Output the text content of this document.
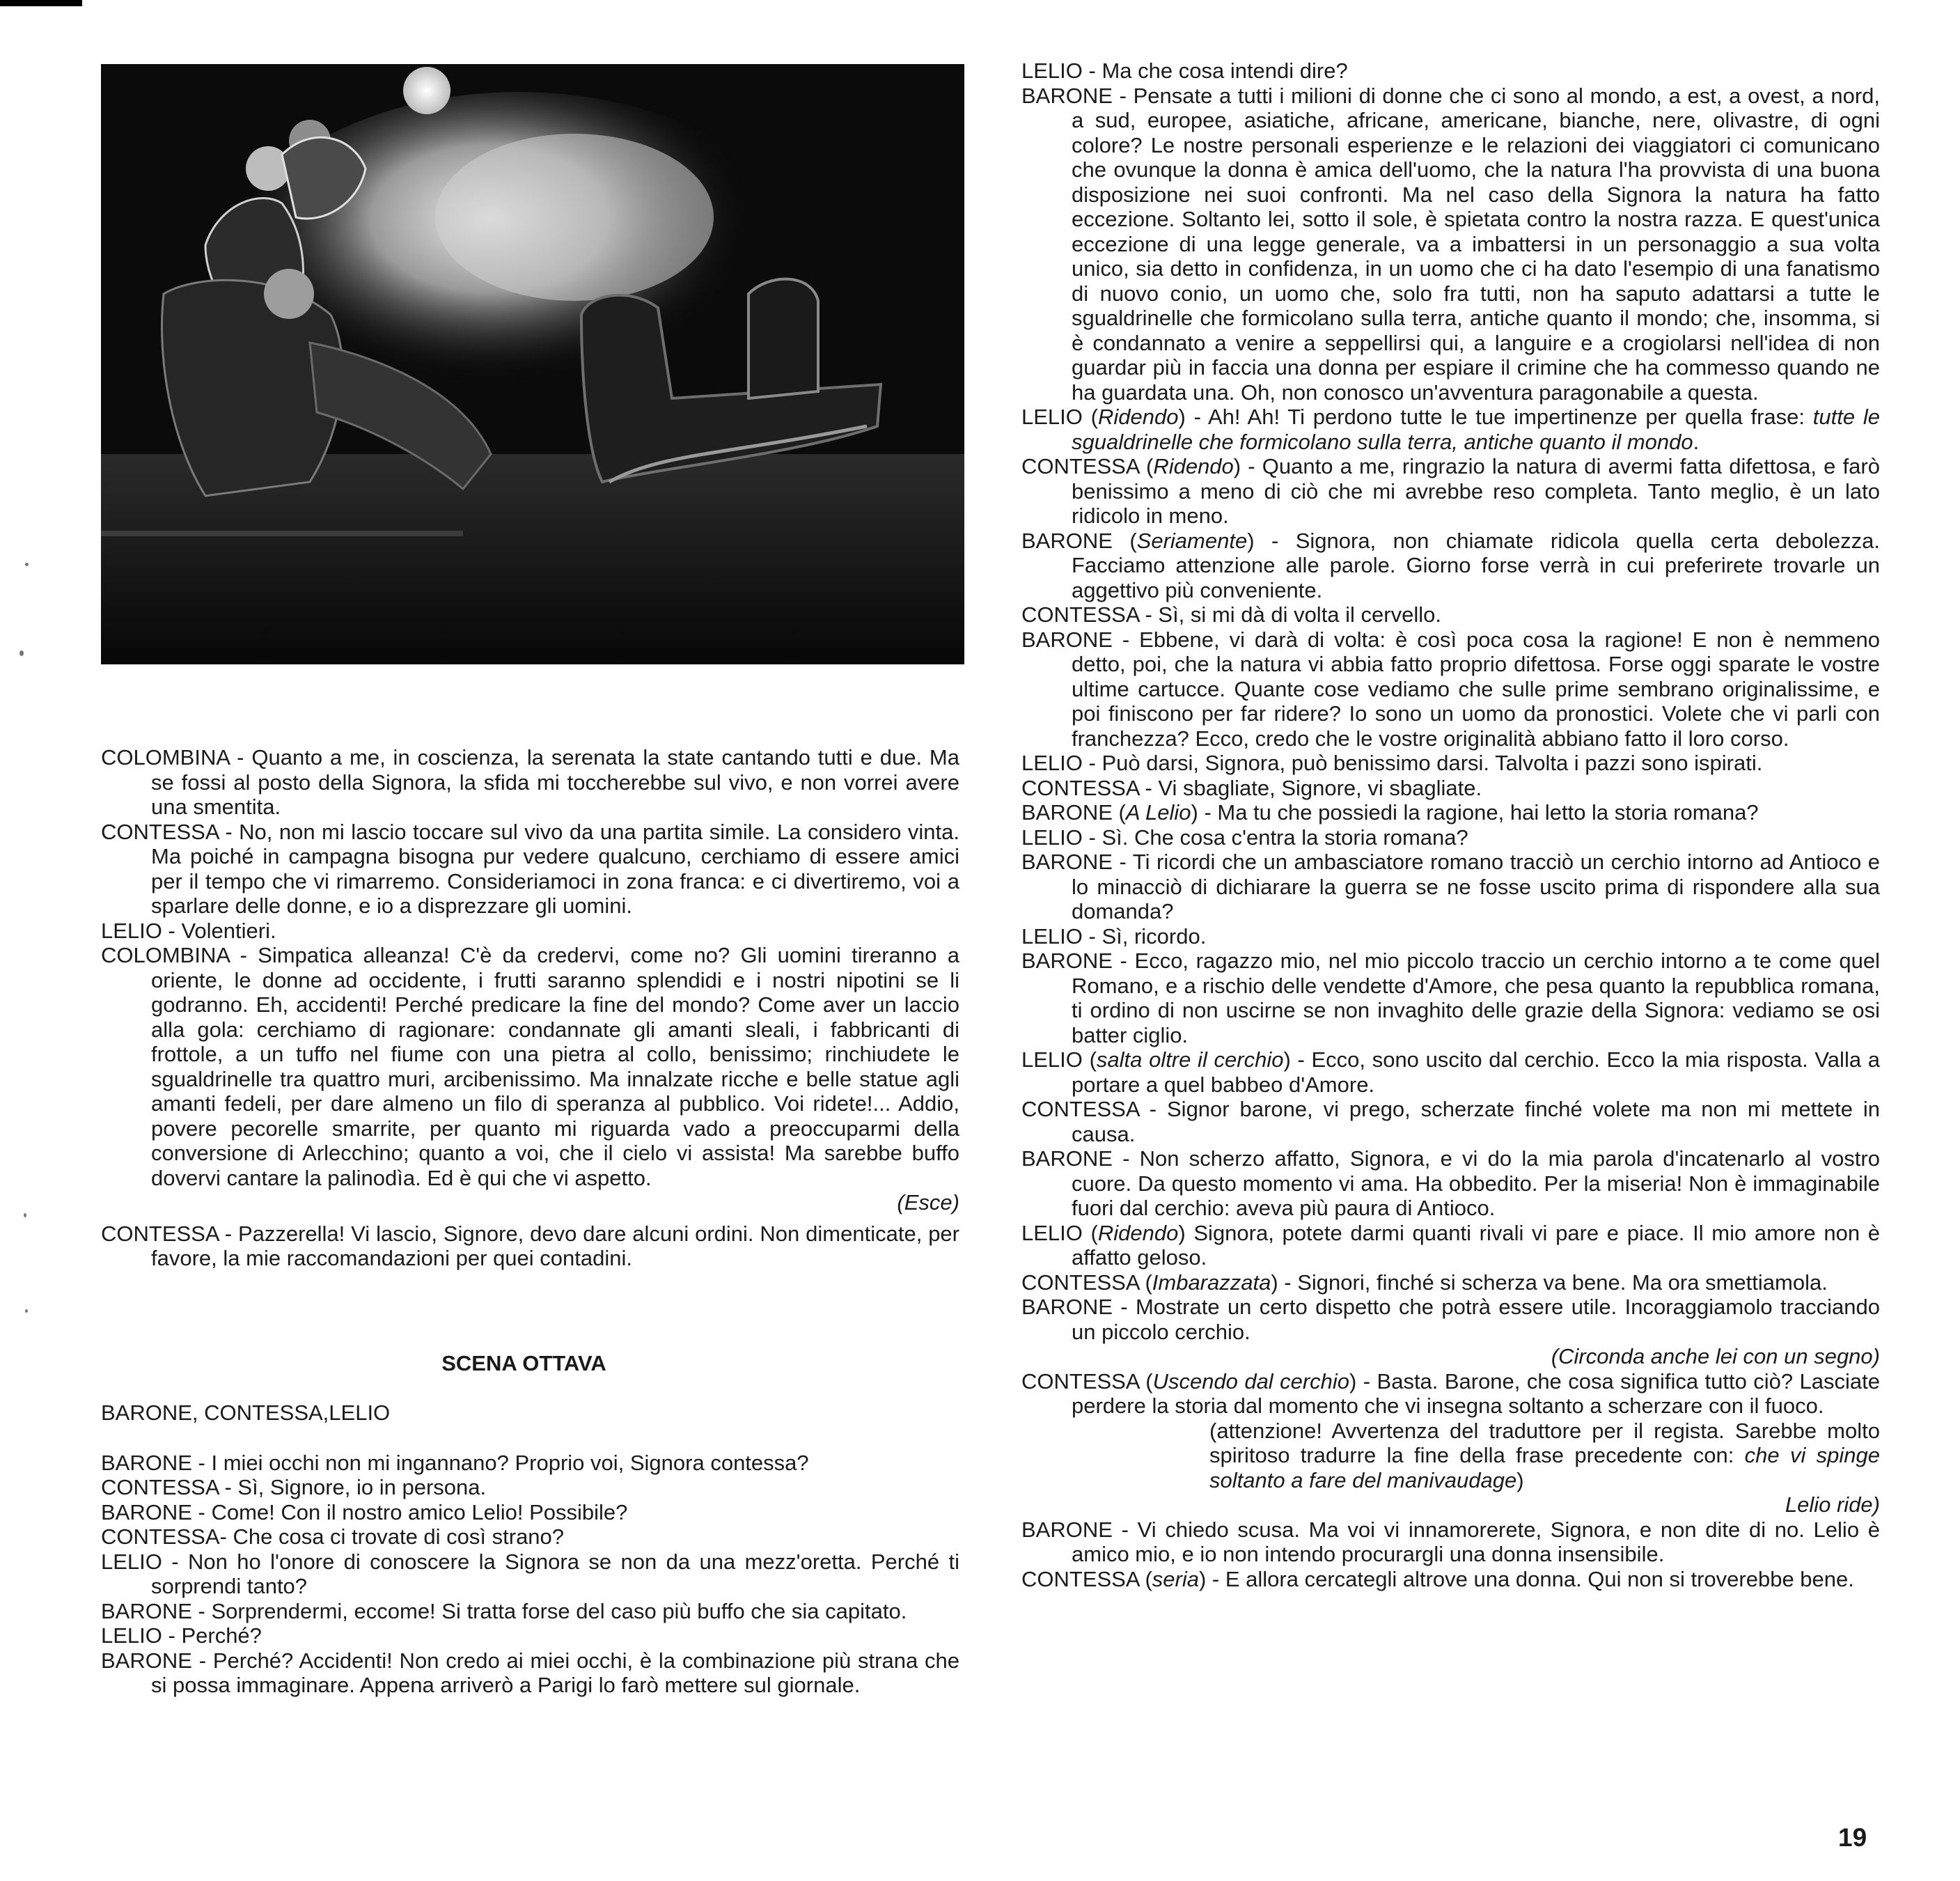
COLOMBINA - Quanto a me, in coscienza, la serenata la state cantando tutti e due. Ma se fossi al posto della Signora, la sfida mi toccherebbe sul vivo, e non vorrei avere una smentita.

CONTESSA - No, non mi lascio toccare sul vivo da una partita simile. La considero vinta. Ma poiché in campagna bisogna pur vedere qualcuno, cerchiamo di essere amici per il tempo che vi rimarremo. Consideriamoci in zona franca: e ci divertiremo, voi a sparlare delle donne, e io a disprezzare gli uomini.

LELIO - Volentieri.

COLOMBINA - Simpatica alleanza! C'è da credervi, come no? Gli uomini tireranno a oriente, le donne ad occidente, i frutti saranno splendidi e i nostri nipotini se li godranno. Eh, accidenti! Perché predicare la fine del mondo? Come aver un laccio alla gola: cerchiamo di ragionare: condannate gli amanti sleali, i fabbricanti di frottole, a un tuffo nel fiume con una pietra al collo, benissimo; rinchiudete le sgualdrinelle tra quattro muri, arcibenissimo. Ma innalzate ricche e belle statue agli amanti fedeli, per dare almeno un filo di speranza al pubblico. Voi ridete!... Addio, povere pecorelle smarrite, per quanto mi riguarda vado a preoccuparmi della conversione di Arlecchino; quanto a voi, che il cielo vi assista! Ma sarebbe buffo dovervi cantare la palinodìa. Ed è qui che vi aspetto.

(Esce)

CONTESSA - Pazzerella! Vi lascio, Signore, devo dare alcuni ordini. Non dimenticate, per favore, la mie raccomandazioni per quei contadini.

SCENA OTTAVA

BARONE, CONTESSA,LELIO

BARONE - I miei occhi non mi ingannano? Proprio voi, Signora contessa?

CONTESSA - Sì, Signore, io in persona.

BARONE - Come! Con il nostro amico Lelio! Possibile?

CONTESSA- Che cosa ci trovate di così strano?

LELIO - Non ho l'onore di conoscere la Signora se non da una mezz'oretta. Perché ti sorprendi tanto?

BARONE - Sorprendermi, eccome! Si tratta forse del caso più buffo che sia capitato.

LELIO - Perché?

BARONE - Perché? Accidenti! Non credo ai miei occhi, è la combinazione più strana che si possa immaginare. Appena arriverò a Parigi lo farò mettere sul giornale.

LELIO - Ma che cosa intendi dire?

BARONE - Pensate a tutti i milioni di donne che ci sono al mondo, a est, a ovest, a nord, a sud, europee, asiatiche, africane, americane, bianche, nere, olivastre, di ogni colore? Le nostre personali esperienze e le relazioni dei viaggiatori ci comunicano che ovunque la donna è amica dell'uomo, che la natura l'ha provvista di una buona disposizione nei suoi confronti. Ma nel caso della Signora la natura ha fatto eccezione. Soltanto lei, sotto il sole, è spietata contro la nostra razza. E quest'unica eccezione di una legge generale, va a imbattersi in un personaggio a sua volta unico, sia detto in confidenza, in un uomo che ci ha dato l'esempio di una fanatismo di nuovo conio, un uomo che, solo fra tutti, non ha saputo adattarsi a tutte le sgualdrinelle che formicolano sulla terra, antiche quanto il mondo; che, insomma, si è condannato a venire a seppellirsi qui, a languire e a crogiolarsi nell'idea di non guardar più in faccia una donna per espiare il crimine che ha commesso quando ne ha guardata una. Oh, non conosco un'avventura paragonabile a questa.

LELIO (Ridendo) - Ah! Ah! Ti perdono tutte le tue impertinenze per quella frase: tutte le sgualdrinelle che formicolano sulla terra, antiche quanto il mondo.

CONTESSA (Ridendo) - Quanto a me, ringrazio la natura di avermi fatta difettosa, e farò benissimo a meno di ciò che mi avrebbe reso completa. Tanto meglio, è un lato ridicolo in meno.

BARONE (Seriamente) - Signora, non chiamate ridicola quella certa debolezza. Facciamo attenzione alle parole. Giorno forse verrà in cui preferirete trovarle un aggettivo più conveniente.

CONTESSA - Sì, si mi dà di volta il cervello.

BARONE - Ebbene, vi darà di volta: è così poca cosa la ragione! E non è nemmeno detto, poi, che la natura vi abbia fatto proprio difettosa. Forse oggi sparate le vostre ultime cartucce. Quante cose vediamo che sulle prime sembrano originalissime, e poi finiscono per far ridere? Io sono un uomo da pronostici. Volete che vi parli con franchezza? Ecco, credo che le vostre originalità abbiano fatto il loro corso.

LELIO - Può darsi, Signora, può benissimo darsi. Talvolta i pazzi sono ispirati.

CONTESSA - Vi sbagliate, Signore, vi sbagliate.

BARONE (A Lelio) - Ma tu che possiedi la ragione, hai letto la storia romana?

LELIO - Sì. Che cosa c'entra la storia romana?

BARONE - Ti ricordi che un ambasciatore romano tracciò un cerchio intorno ad Antioco e lo minacciò di dichiarare la guerra se ne fosse uscito prima di rispondere alla sua domanda?

LELIO - Sì, ricordo.

BARONE - Ecco, ragazzo mio, nel mio piccolo traccio un cerchio intorno a te come quel Romano, e a rischio delle vendette d'Amore, che pesa quanto la repubblica romana, ti ordino di non uscirne se non invaghito delle grazie della Signora: vediamo se osi batter ciglio.

LELIO (salta oltre il cerchio) - Ecco, sono uscito dal cerchio. Ecco la mia risposta. Valla a portare a quel babbeo d'Amore.

CONTESSA - Signor barone, vi prego, scherzate finché volete ma non mi mettete in causa.

BARONE - Non scherzo affatto, Signora, e vi do la mia parola d'incatenarlo al vostro cuore. Da questo momento vi ama. Ha obbedito. Per la miseria! Non è immaginabile fuori dal cerchio: aveva più paura di Antioco.

LELIO (Ridendo) Signora, potete darmi quanti rivali vi pare e piace. Il mio amore non è affatto geloso.

CONTESSA (Imbarazzata) - Signori, finché si scherza va bene. Ma ora smettiamola.

BARONE - Mostrate un certo dispetto che potrà essere utile. Incoraggiamolo tracciando un piccolo cerchio.

(Circonda anche lei con un segno)

CONTESSA (Uscendo dal cerchio) - Basta. Barone, che cosa significa tutto ciò? Lasciate perdere la storia dal momento che vi insegna soltanto a scherzare con il fuoco.

(attenzione! Avvertenza del traduttore per il regista. Sarebbe molto spiritoso tradurre la fine della frase precedente con: che vi spinge soltanto a fare del manivaudage)

Lelio ride)

BARONE - Vi chiedo scusa. Ma voi vi innamorerete, Signora, e non dite di no. Lelio è amico mio, e io non intendo procurargli una donna insensibile.

CONTESSA (seria) - E allora cercategli altrove una donna. Qui non si troverebbe bene.

19
